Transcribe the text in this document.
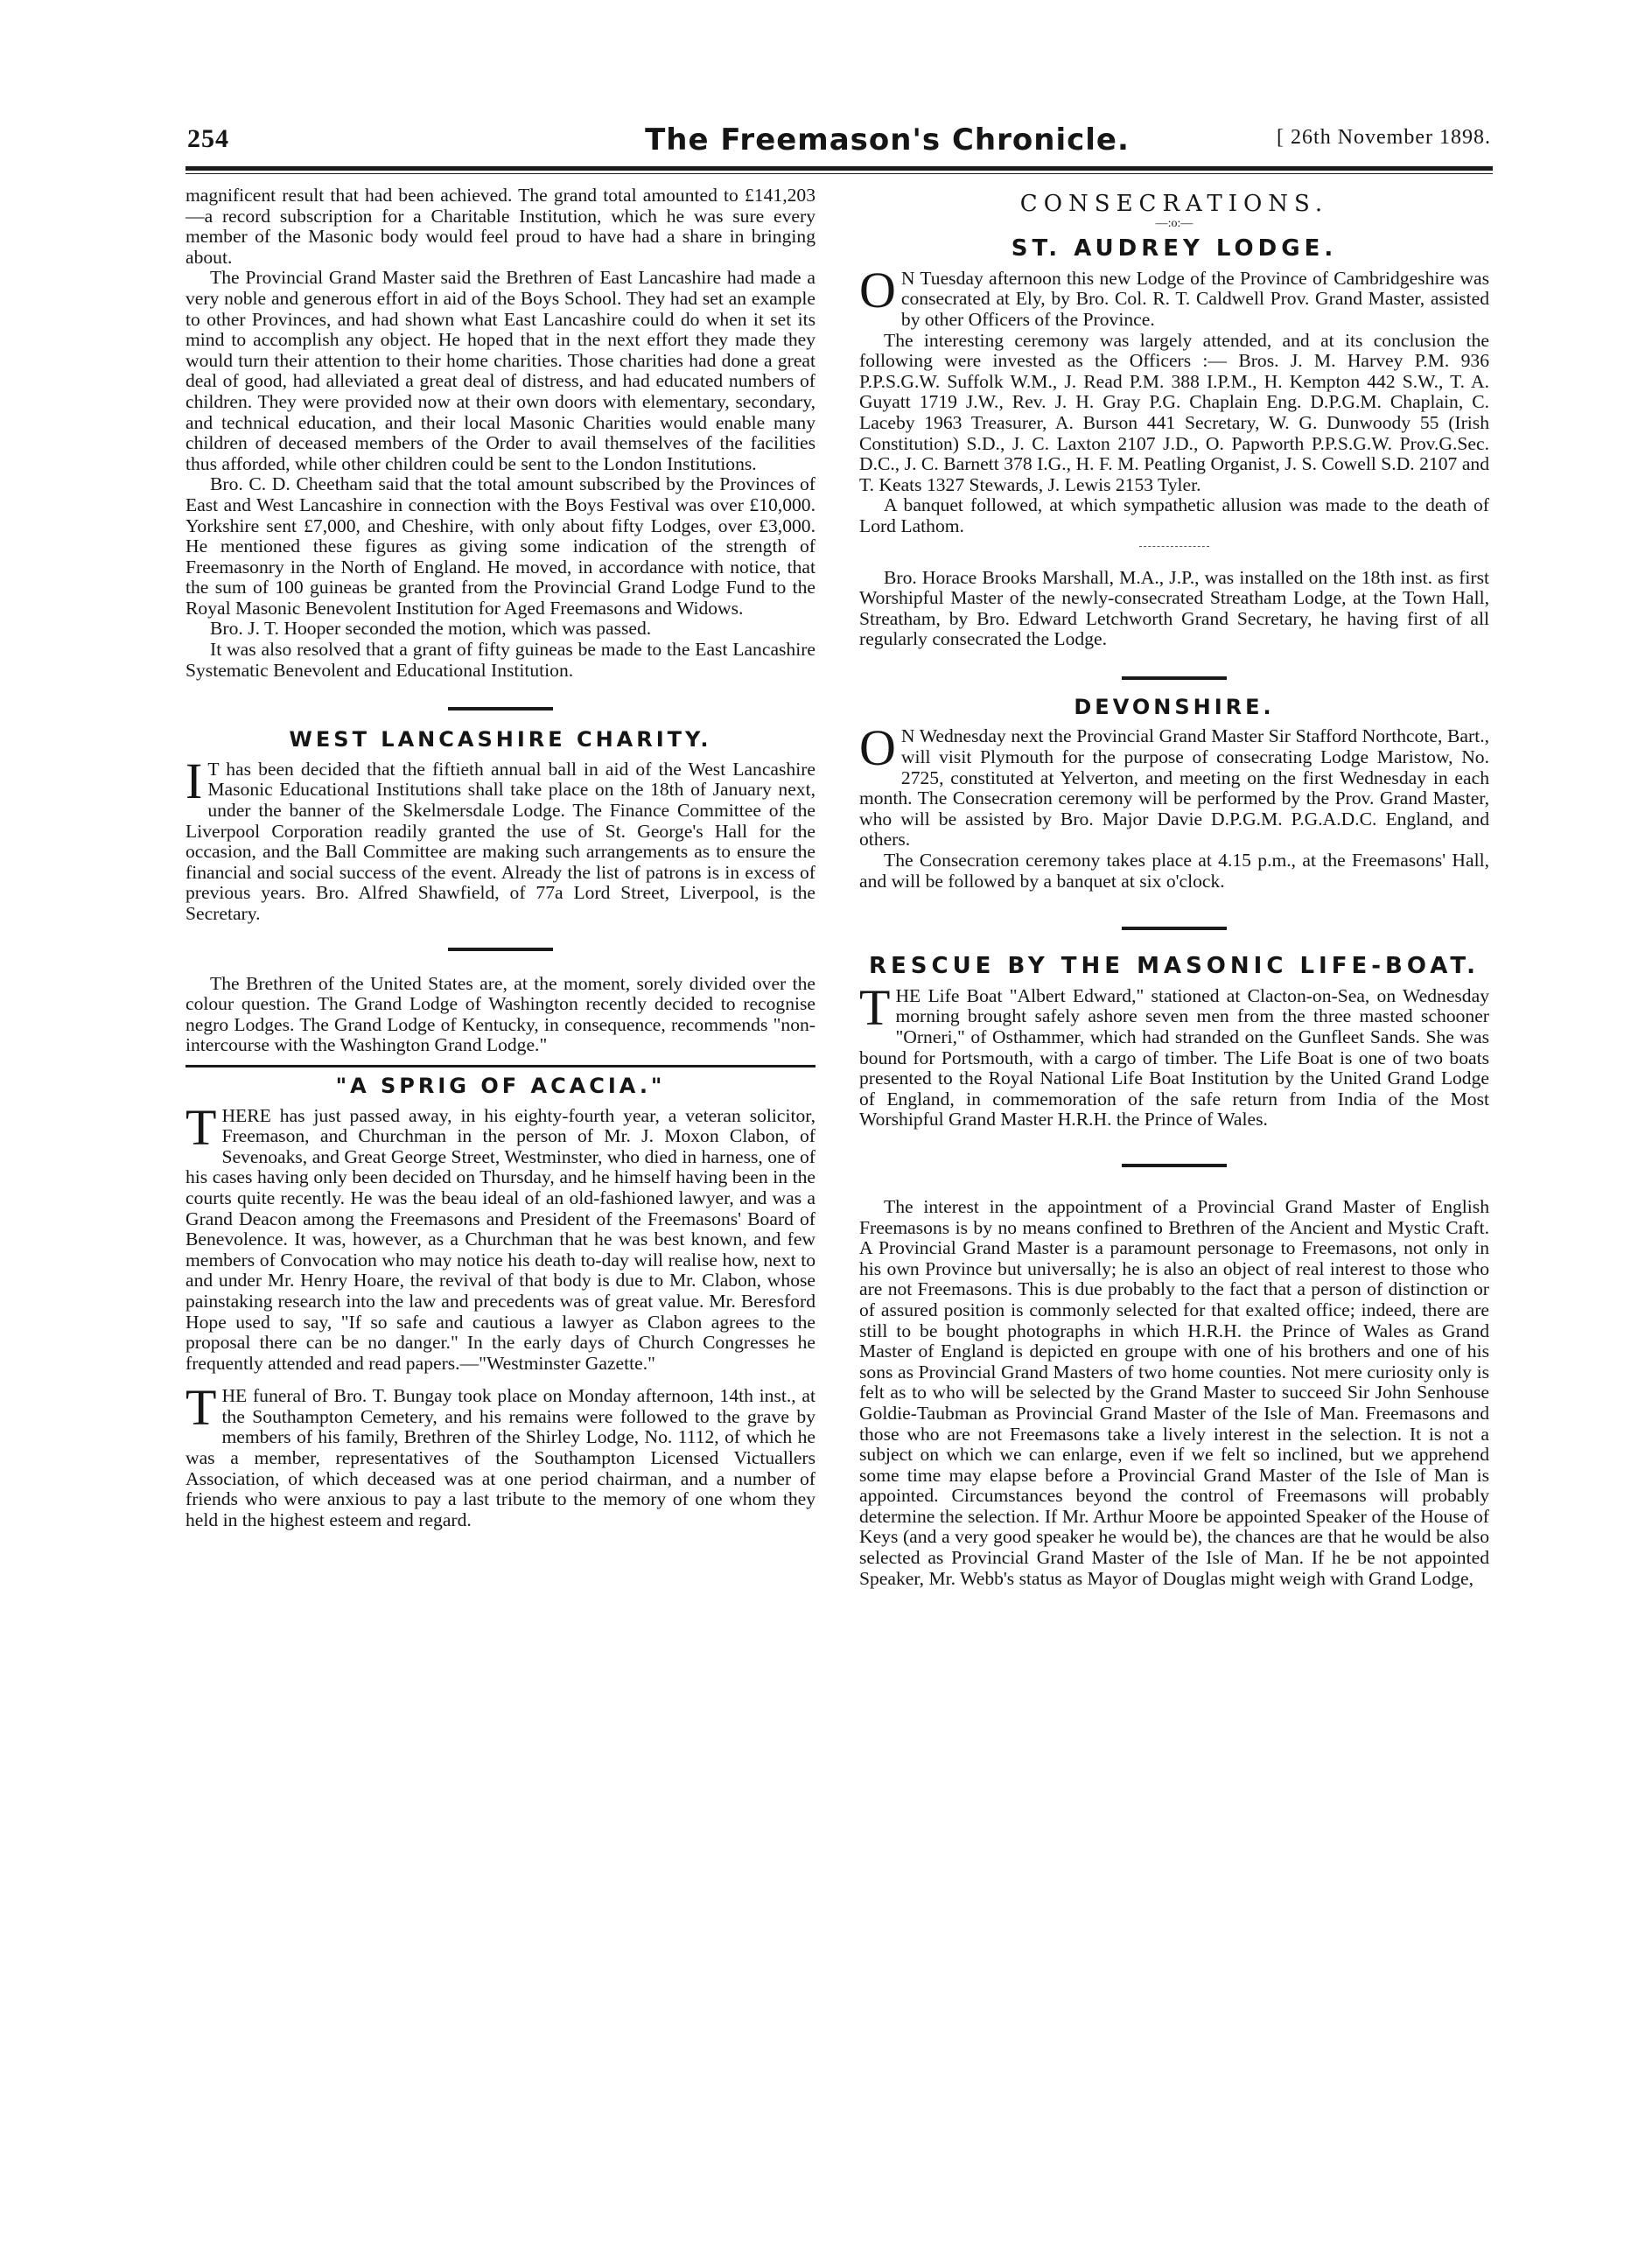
254	The Freemason's Chronicle.	[ 26th November 1898.

magnificent result that had been achieved. The grand total amounted to £141,203—a record subscription for a Charitable Institution, which he was sure every member of the Masonic body would feel proud to have had a share in bringing about.

The Provincial Grand Master said the Brethren of East Lancashire had made a very noble and generous effort in aid of the Boys School. They had set an example to other Provinces, and had shown what East Lancashire could do when it set its mind to accomplish any object. He hoped that in the next effort they made they would turn their attention to their home charities. Those charities had done a great deal of good, had alleviated a great deal of distress, and had educated numbers of children. They were provided now at their own doors with elementary, secondary, and technical education, and their local Masonic Charities would enable many children of deceased members of the Order to avail themselves of the facilities thus afforded, while other children could be sent to the London Institutions.

Bro. C. D. Cheetham said that the total amount subscribed by the Provinces of East and West Lancashire in connection with the Boys Festival was over £10,000. Yorkshire sent £7,000, and Cheshire, with only about fifty Lodges, over £3,000. He mentioned these figures as giving some indication of the strength of Freemasonry in the North of England. He moved, in accordance with notice, that the sum of 100 guineas be granted from the Provincial Grand Lodge Fund to the Royal Masonic Benevolent Institution for Aged Freemasons and Widows.

Bro. J. T. Hooper seconded the motion, which was passed.

It was also resolved that a grant of fifty guineas be made to the East Lancashire Systematic Benevolent and Educational Institution.

WEST LANCASHIRE CHARITY.

I T has been decided that the fiftieth annual ball in aid of the West Lancashire Masonic Educational Institutions shall take place on the 18th of January next, under the banner of the Skelmersdale Lodge. The Finance Committee of the Liverpool Corporation readily granted the use of St. George's Hall for the occasion, and the Ball Committee are making such arrangements as to ensure the financial and social success of the event. Already the list of patrons is in excess of previous years. Bro. Alfred Shawfield, of 77a Lord Street, Liverpool, is the Secretary.

The Brethren of the United States are, at the moment, sorely divided over the colour question. The Grand Lodge of Washington recently decided to recognise negro Lodges. The Grand Lodge of Kentucky, in consequence, recommends "non-intercourse with the Washington Grand Lodge."

"A SPRIG OF ACACIA."

THERE has just passed away, in his eighty-fourth year, a veteran solicitor, Freemason, and Churchman in the person of Mr. J. Moxon Clabon, of Sevenoaks, and Great George Street, Westminster, who died in harness, one of his cases having only been decided on Thursday, and he himself having been in the courts quite recently. He was the beau ideal of an old-fashioned lawyer, and was a Grand Deacon among the Freemasons and President of the Freemasons' Board of Benevolence. It was, however, as a Churchman that he was best known, and few members of Convocation who may notice his death to-day will realise how, next to and under Mr. Henry Hoare, the revival of that body is due to Mr. Clabon, whose painstaking research into the law and precedents was of great value. Mr. Beresford Hope used to say, "If so safe and cautious a lawyer as Clabon agrees to the proposal there can be no danger." In the early days of Church Congresses he frequently attended and read papers.—"Westminster Gazette."

THE funeral of Bro. T. Bungay took place on Monday afternoon, 14th inst., at the Southampton Cemetery, and his remains were followed to the grave by members of his family, Brethren of the Shirley Lodge, No. 1112, of which he was a member, representatives of the Southampton Licensed Victuallers Association, of which deceased was at one period chairman, and a number of friends who were anxious to pay a last tribute to the memory of one whom they held in the highest esteem and regard.

CONSECRATIONS.
—:o:—
ST. AUDREY LODGE.

O N Tuesday afternoon this new Lodge of the Province of Cambridgeshire was consecrated at Ely, by Bro. Col. R. T. Caldwell Prov. Grand Master, assisted by other Officers of the Province.

The interesting ceremony was largely attended, and at its conclusion the following were invested as the Officers :— Bros. J. M. Harvey P.M. 936 P.P.S.G.W. Suffolk W.M., J. Read P.M. 388 I.P.M., H. Kempton 442 S.W., T. A. Guyatt 1719 J.W., Rev. J. H. Gray P.G. Chaplain Eng. D.P.G.M. Chaplain, C. Laceby 1963 Treasurer, A. Burson 441 Secretary, W. G. Dunwoody 55 (Irish Constitution) S.D., J. C. Laxton 2107 J.D., O. Papworth P.P.S.G.W. Prov.G.Sec. D.C., J. C. Barnett 378 I.G., H. F. M. Peatling Organist, J. S. Cowell S.D. 2107 and T. Keats 1327 Stewards, J. Lewis 2153 Tyler.

A banquet followed, at which sympathetic allusion was made to the death of Lord Lathom.

Bro. Horace Brooks Marshall, M.A., J.P., was installed on the 18th inst. as first Worshipful Master of the newly-consecrated Streatham Lodge, at the Town Hall, Streatham, by Bro. Edward Letchworth Grand Secretary, he having first of all regularly consecrated the Lodge.

DEVONSHIRE.

O N Wednesday next the Provincial Grand Master Sir Stafford Northcote, Bart., will visit Plymouth for the purpose of consecrating Lodge Maristow, No. 2725, constituted at Yelverton, and meeting on the first Wednesday in each month. The Consecration ceremony will be performed by the Prov. Grand Master, who will be assisted by Bro. Major Davie D.P.G.M. P.G.A.D.C. England, and others.

The Consecration ceremony takes place at 4.15 p.m., at the Freemasons' Hall, and will be followed by a banquet at six o'clock.

RESCUE BY THE MASONIC LIFE-BOAT.

THE Life Boat "Albert Edward," stationed at Clacton-on-Sea, on Wednesday morning brought safely ashore seven men from the three masted schooner "Orneri," of Osthammer, which had stranded on the Gunfleet Sands. She was bound for Portsmouth, with a cargo of timber. The Life Boat is one of two boats presented to the Royal National Life Boat Institution by the United Grand Lodge of England, in commemoration of the safe return from India of the Most Worshipful Grand Master H.R.H. the Prince of Wales.

The interest in the appointment of a Provincial Grand Master of English Freemasons is by no means confined to Brethren of the Ancient and Mystic Craft. A Provincial Grand Master is a paramount personage to Freemasons, not only in his own Province but universally; he is also an object of real interest to those who are not Freemasons. This is due probably to the fact that a person of distinction or of assured position is commonly selected for that exalted office; indeed, there are still to be bought photographs in which H.R.H. the Prince of Wales as Grand Master of England is depicted en groupe with one of his brothers and one of his sons as Provincial Grand Masters of two home counties. Not mere curiosity only is felt as to who will be selected by the Grand Master to succeed Sir John Senhouse Goldie-Taubman as Provincial Grand Master of the Isle of Man. Freemasons and those who are not Freemasons take a lively interest in the selection. It is not a subject on which we can enlarge, even if we felt so inclined, but we apprehend some time may elapse before a Provincial Grand Master of the Isle of Man is appointed. Circumstances beyond the control of Freemasons will probably determine the selection. If Mr. Arthur Moore be appointed Speaker of the House of Keys (and a very good speaker he would be), the chances are that he would be also selected as Provincial Grand Master of the Isle of Man. If he be not appointed Speaker, Mr. Webb's status as Mayor of Douglas might weigh with Grand Lodge,
